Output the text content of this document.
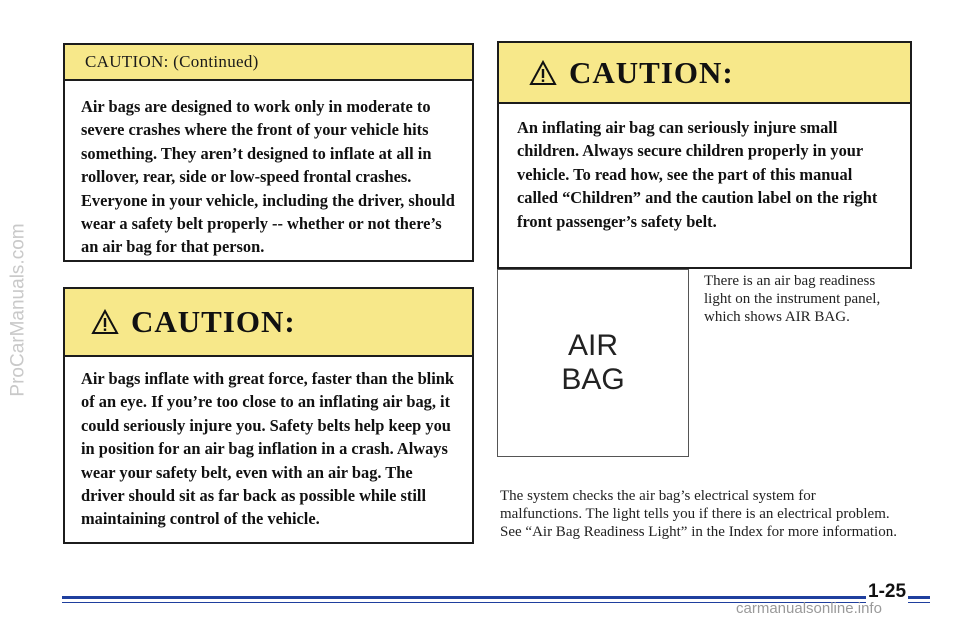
ProCarManuals.com
CAUTION: (Continued)
Air bags are designed to work only in moderate to severe crashes where the front of your vehicle hits something. They aren’t designed to inflate at all in rollover, rear, side or low-speed frontal crashes. Everyone in your vehicle, including the driver, should wear a safety belt properly -- whether or not there’s an air bag for that person.
CAUTION:
Air bags inflate with great force, faster than the blink of an eye. If you’re too close to an inflating air bag, it could seriously injure you. Safety belts help keep you in position for an air bag inflation in a crash. Always wear your safety belt, even with an air bag. The driver should sit as far back as possible while still maintaining control of the vehicle.
CAUTION:
An inflating air bag can seriously injure small children. Always secure children properly in your vehicle. To read how, see the part of this manual called “Children” and the caution label on the right front passenger’s safety belt.
AIR
BAG
There is an air bag readiness light on the instrument panel, which shows AIR BAG.
The system checks the air bag’s electrical system for malfunctions. The light tells you if there is an electrical problem. See “Air Bag Readiness Light” in the Index for more information.
1-25
carmanualsonline.info
